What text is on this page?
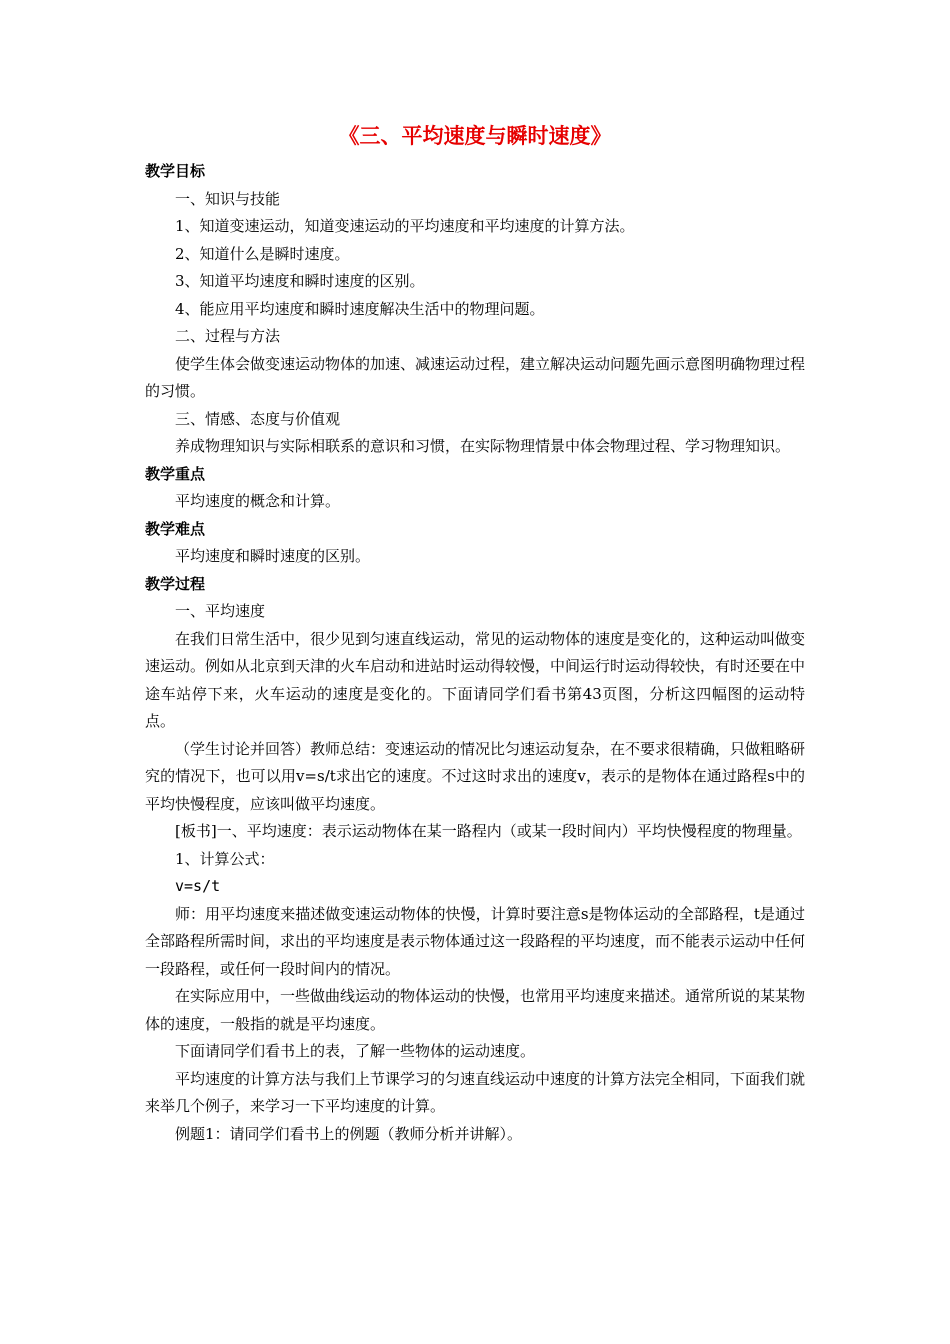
《三、平均速度与瞬时速度》

教学目标

一、知识与技能

1、知道变速运动，知道变速运动的平均速度和平均速度的计算方法。

2、知道什么是瞬时速度。

3、知道平均速度和瞬时速度的区别。

4、能应用平均速度和瞬时速度解决生活中的物理问题。

二、过程与方法

使学生体会做变速运动物体的加速、减速运动过程，建立解决运动问题先画示意图明确物理过程的习惯。

三、情感、态度与价值观

养成物理知识与实际相联系的意识和习惯，在实际物理情景中体会物理过程、学习物理知识。

教学重点

平均速度的概念和计算。

教学难点

平均速度和瞬时速度的区别。

教学过程

一、平均速度

在我们日常生活中，很少见到匀速直线运动，常见的运动物体的速度是变化的，这种运动叫做变速运动。例如从北京到天津的火车启动和进站时运动得较慢，中间运行时运动得较快，有时还要在中途车站停下来，火车运动的速度是变化的。下面请同学们看书第43页图，分析这四幅图的运动特点。

（学生讨论并回答）教师总结：变速运动的情况比匀速运动复杂，在不要求很精确，只做粗略研究的情况下，也可以用v=s/t求出它的速度。不过这时求出的速度v，表示的是物体在通过路程s中的平均快慢程度，应该叫做平均速度。

[板书]一、平均速度：表示运动物体在某一路程内（或某一段时间内）平均快慢程度的物理量。

1、计算公式：

v=s/t

师：用平均速度来描述做变速运动物体的快慢，计算时要注意s是物体运动的全部路程，t是通过全部路程所需时间，求出的平均速度是表示物体通过这一段路程的平均速度，而不能表示运动中任何一段路程，或任何一段时间内的情况。

在实际应用中，一些做曲线运动的物体运动的快慢，也常用平均速度来描述。通常所说的某某物体的速度，一般指的就是平均速度。

下面请同学们看书上的表，了解一些物体的运动速度。

平均速度的计算方法与我们上节课学习的匀速直线运动中速度的计算方法完全相同，下面我们就来举几个例子，来学习一下平均速度的计算。

例题1：请同学们看书上的例题（教师分析并讲解）。
